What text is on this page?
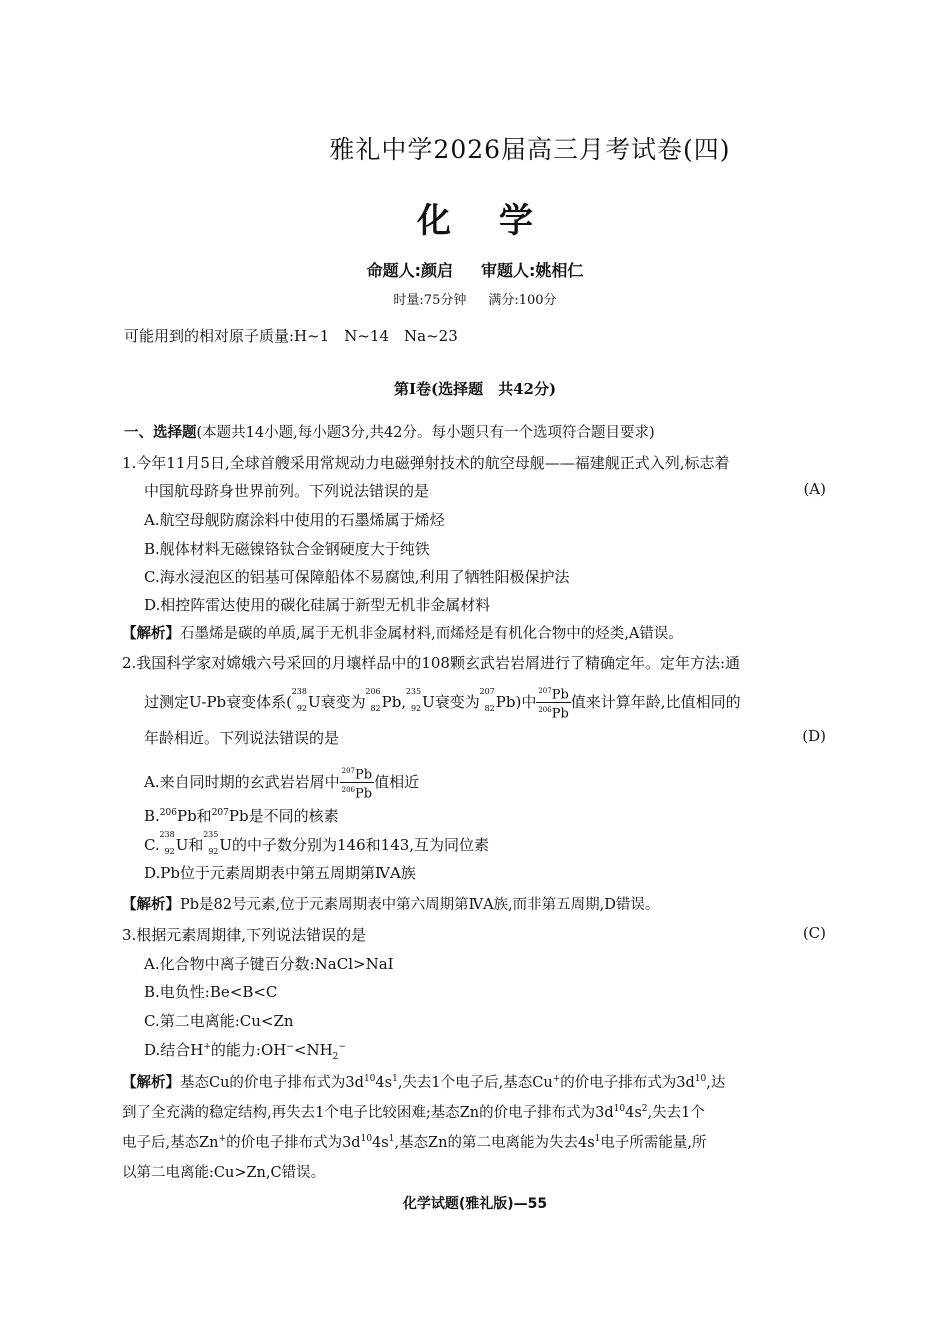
雅礼中学2026届高三月考试卷(四)
化学
命题人:颜启 审题人:姚相仁
时量:75分钟 满分:100分
可能用到的相对原子质量:H~1　N~14　Na~23
第Ⅰ卷(选择题　共42分)
一、选择题(本题共14小题,每小题3分,共42分。每小题只有一个选项符合题目要求)
1.今年11月5日,全球首艘采用常规动力电磁弹射技术的航空母舰——福建舰正式入列,标志着
中国航母跻身世界前列。下列说法错误的是	(A)
A.航空母舰防腐涂料中使用的石墨烯属于烯烃
B.舰体材料无磁镍铬钛合金钢硬度大于纯铁
C.海水浸泡区的铝基可保障船体不易腐蚀,利用了牺牲阳极保护法
D.相控阵雷达使用的碳化硅属于新型无机非金属材料
【解析】石墨烯是碳的单质,属于无机非金属材料,而烯烃是有机化合物中的烃类,A错误。
2.我国科学家对嫦娥六号采回的月壤样品中的108颗玄武岩岩屑进行了精确定年。定年方法:通
过测定U-Pb衰变体系(
238
92 U衰变为
206
82 Pb,
235
92 U衰变为
207
82 Pb)中 $\frac{^{207}Pb}{^{206}Pb}$ 值来计算年龄,比值相同的
年龄相近。下列说法错误的是	(D)
A.来自同时期的玄武岩岩屑中 $\frac{^{207}Pb}{^{206}Pb}$ 值相近
B.$^{206}$Pb和$^{207}$Pb是不同的核素
C.
238
92 U和
235
92 U的中子数分别为146和143,互为同位素
D.Pb位于元素周期表中第五周期第ⅣA族
【解析】Pb是82号元素,位于元素周期表中第六周期第ⅣA族,而非第五周期,D错误。
3.根据元素周期律,下列说法错误的是	(C)
A.化合物中离子键百分数:NaCl>NaI
B.电负性:Be<B<C
C.第二电离能:Cu<Zn
D.结合H+的能力$:OH^-<NH_2^-$
【解析】基态Cu的价电子排布式为$3d^{10}4s^1$,失去1个电子后,基态Cu+的价电子排布式为$3d^{10}$,达
到了全充满的稳定结构,再失去1个电子比较困难;基态Zn的价电子排布式为$3d^{10}4s^2$,失去1个
电子后,基态Zn+的价电子排布式为$3d^{10}4s^1$,基态Zn的第二电离能为失去$4s^1$电子所需能量,所
以第二电离能:Cu>Zn,C错误。
化学试题(雅礼版)—55
